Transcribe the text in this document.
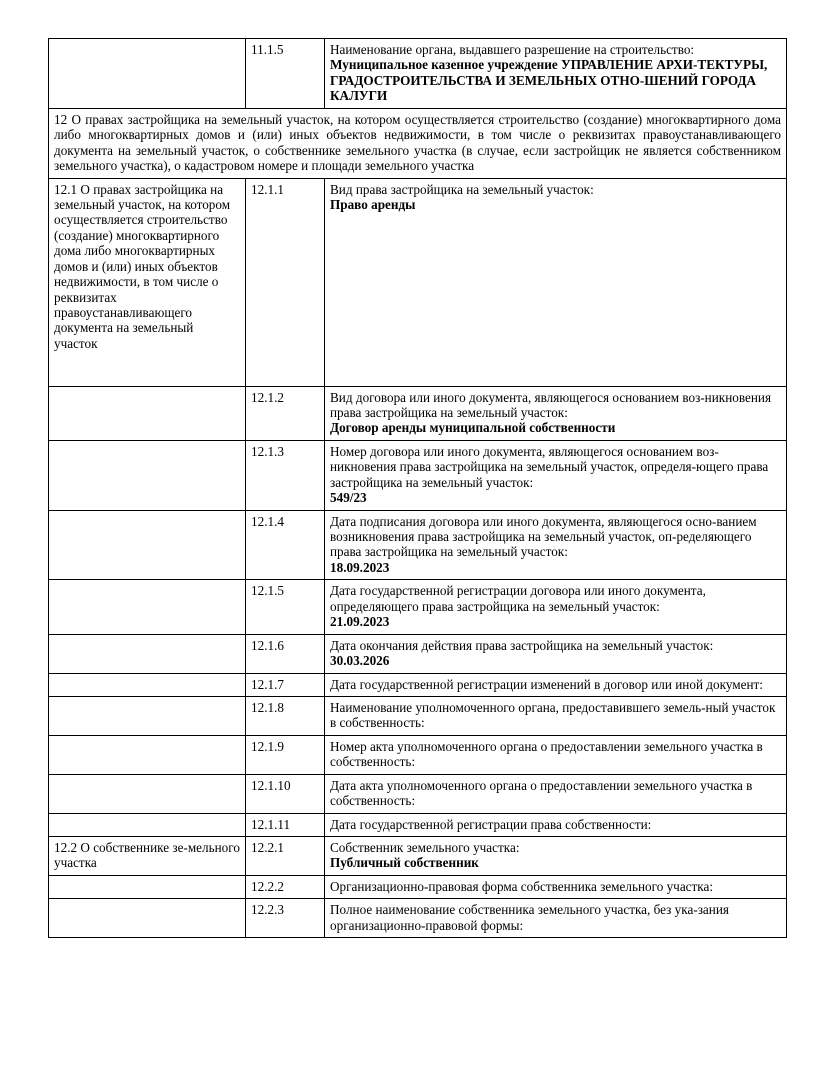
	11.1.5	Наименование органа, выдавшего разрешение на строительство:
Муниципальное казенное учреждение УПРАВЛЕНИЕ АРХИ-ТЕКТУРЫ, ГРАДОСТРОИТЕЛЬСТВА И ЗЕМЕЛЬНЫХ ОТНО-ШЕНИЙ ГОРОДА КАЛУГИ

12 О правах застройщика на земельный участок, на котором осуществляется строительство (создание) многоквартирного дома либо многоквартирных домов и (или) иных объектов недвижимости, в том числе о реквизитах правоустанавливающего документа на земельный участок, о собственнике земельного участка (в случае, если застройщик не является собственником земельного участка), о кадастровом номере и площади земельного участка		
12.1 О правах застройщика на земельный участок, на котором осуществляется строительство (создание) многоквартирного дома либо многоквартирных домов и (или) иных объектов недвижимости, в том числе о реквизитах правоустанавливающего документа на земельный участок	12.1.1	Вид права застройщика на земельный участок:
Право аренды

	12.1.2	Вид договора или иного документа, являющегося основанием воз-никновения права застройщика на земельный участок:
Договор аренды муниципальной собственности

	12.1.3	Номер договора или иного документа, являющегося основанием воз-никновения права застройщика на земельный участок, определя-ющего права застройщика на земельный участок:
549/23

	12.1.4	Дата подписания договора или иного документа, являющегося осно-ванием возникновения права застройщика на земельный участок, оп-ределяющего права застройщика на земельный участок:
18.09.2023

	12.1.5	Дата государственной регистрации договора или иного документа, определяющего права застройщика на земельный участок:
21.09.2023

	12.1.6	Дата окончания действия права застройщика на земельный участок:
30.03.2026

	12.1.7	Дата государственной регистрации изменений в договор или иной документ:

	12.1.8	Наименование уполномоченного органа, предоставившего земель-ный участок в собственность:

	12.1.9	Номер акта уполномоченного органа о предоставлении земельного участка в собственность:

	12.1.10	Дата акта уполномоченного органа о предоставлении земельного участка в собственность:

	12.1.11	Дата государственной регистрации права собственности:

12.2 О собственнике зе-мельного участка	12.2.1	Собственник земельного участка:
Публичный собственник

	12.2.2	Организационно-правовая форма собственника земельного участка:

	12.2.3	Полное наименование собственника земельного участка, без ука-зания организационно-правовой формы:
